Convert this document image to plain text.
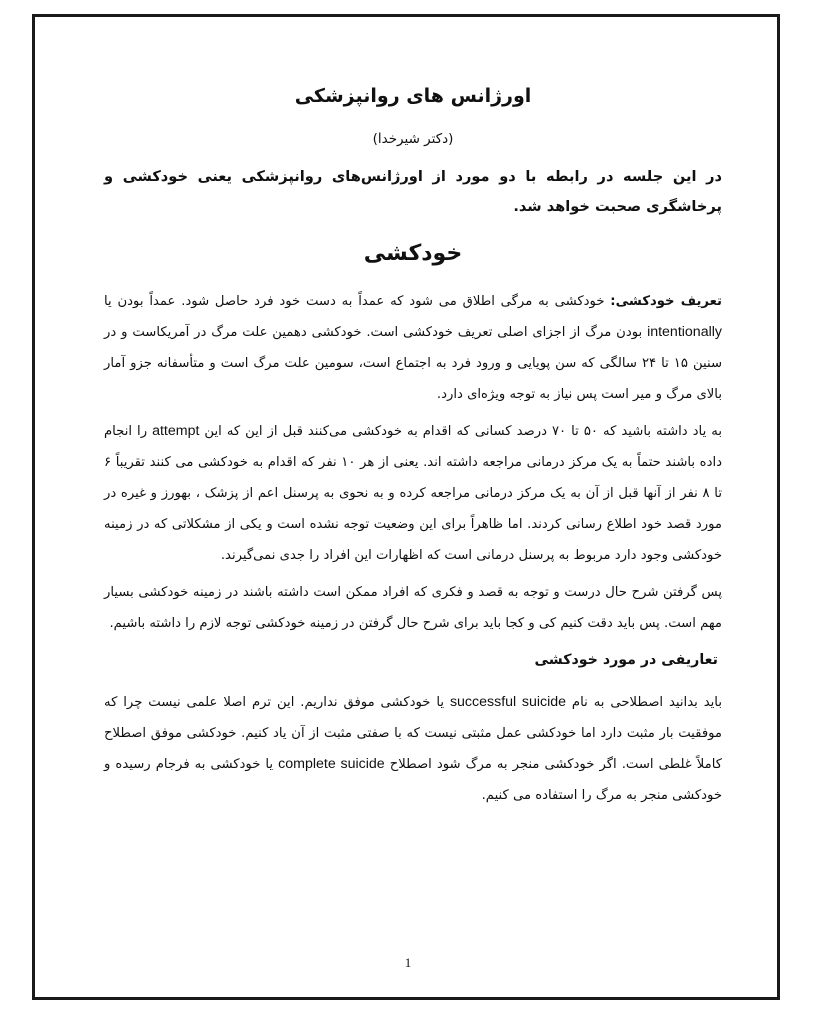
اورژانس های روانپزشکی
(دکتر شیرخدا)
در این جلسه در رابطه با دو مورد از اورژانس‌های روانپزشکی یعنی خودکشی و پرخاشگری صحبت خواهد شد.
خودکشی

تعریف خودکشی: خودکشی به مرگی اطلاق می شود که عمداً به دست خود فرد حاصل شود. عمداً بودن یا intentionally بودن مرگ از اجزای اصلی تعریف خودکشی است. خودکشی دهمین علت مرگ در آمریکاست و در سنین ۱۵ تا ۲۴ سالگی که سن پویایی و ورود فرد به اجتماع است، سومین علت مرگ است و متأسفانه جزو آمار بالای مرگ و میر است پس نیاز به توجه ویژه‌ای دارد.

به یاد داشته باشید که ۵۰ تا ۷۰ درصد کسانی که اقدام به خودکشی می‌کنند قبل از این که این attempt را انجام داده باشند حتماً به یک مرکز درمانی مراجعه داشته اند. یعنی از هر ۱۰ نفر که اقدام به خودکشی می کنند تقریباً ۶ تا ۸ نفر از آنها قبل از آن به یک مرکز درمانی مراجعه کرده و به نحوی به پرسنل اعم از پزشک ، بهورز و غیره در مورد قصد خود اطلاع رسانی کردند. اما ظاهراً برای این وضعیت توجه نشده است و یکی از مشکلاتی که در زمینه خودکشی وجود دارد مربوط به پرسنل درمانی است که اظهارات این افراد را جدی نمی‌گیرند.

پس گرفتن شرح حال درست و توجه به قصد و فکری که افراد ممکن است داشته باشند در زمینه خودکشی بسیار مهم است. پس باید دقت کنیم کی و کجا باید برای شرح حال گرفتن در زمینه خودکشی توجه لازم را داشته باشیم.

تعاریفی در مورد خودکشی

باید بدانید اصطلاحی به نام successful suicide یا خودکشی موفق نداریم. این ترم اصلا علمی نیست چرا که موفقیت بار مثبت دارد اما خودکشی عمل مثبتی نیست که با صفتی مثبت از آن یاد کنیم. خودکشی موفق اصطلاح کاملاً غلطی است. اگر خودکشی منجر به مرگ شود اصطلاح complete suicide یا خودکشی به فرجام رسیده و خودکشی منجر به مرگ را استفاده می کنیم.

1
